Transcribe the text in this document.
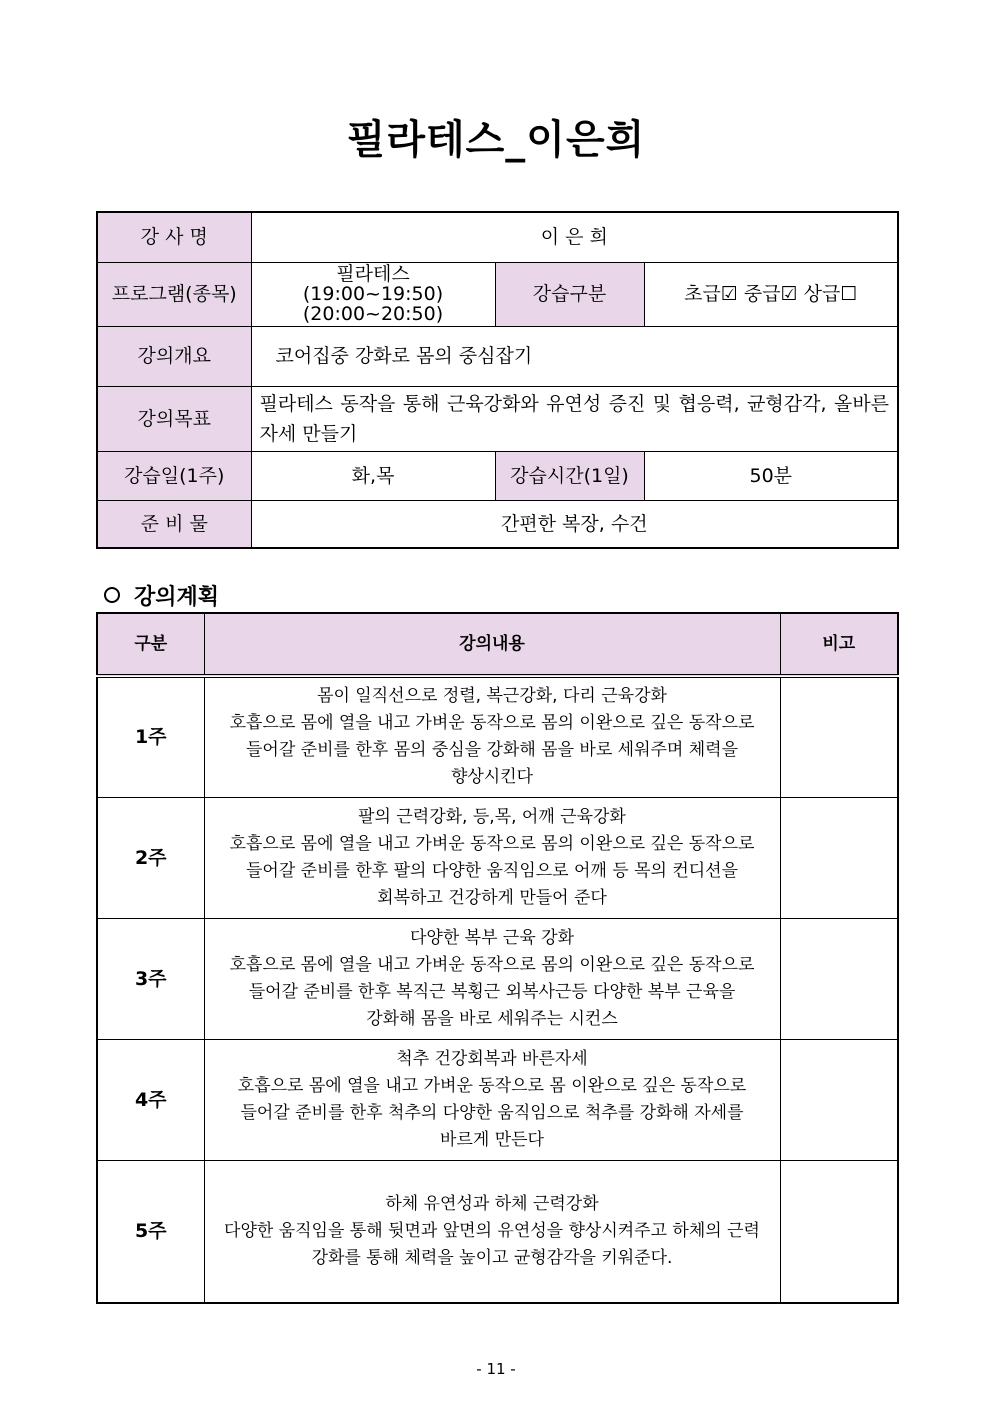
필라테스_이은희
강 사 명	이 은 희		
프로그램(종목)	필라테스
(19:00~19:50)
(20:00~20:50)	강습구분	초급☑ 중급☑ 상급☐
강의개요	코어집중 강화로 몸의 중심잡기		
강의목표	필라테스 동작을 통해 근육강화와 유연성 증진 및 협응력, 균형감각, 올바른 자세 만들기		
강습일(1주)	화,목	강습시간(1일)	50분
준 비 물	간편한 복장, 수건		
강의계획
구분	강의내용	비고
1주	몸이 일직선으로 정렬, 복근강화, 다리 근육강화
호흡으로 몸에 열을 내고 가벼운 동작으로 몸의 이완으로 깊은 동작으로
들어갈 준비를 한후 몸의 중심을 강화해 몸을 바로 세워주며 체력을
향상시킨다	

2주	팔의 근력강화, 등,목, 어깨 근육강화
호흡으로 몸에 열을 내고 가벼운 동작으로 몸의 이완으로 깊은 동작으로
들어갈 준비를 한후 팔의 다양한 움직임으로 어깨 등 목의 컨디션을
회복하고 건강하게 만들어 준다	

3주	다양한 복부 근육 강화
호흡으로 몸에 열을 내고 가벼운 동작으로 몸의 이완으로 깊은 동작으로
들어갈 준비를 한후 복직근 복횡근 외복사근등 다양한 복부 근육을
강화해 몸을 바로 세워주는 시컨스	

4주	척추 건강회복과 바른자세
호흡으로 몸에 열을 내고 가벼운 동작으로 몸 이완으로 깊은 동작으로
들어갈 준비를 한후 척추의 다양한 움직임으로 척추를 강화해 자세를
바르게 만든다	

5주	하체 유연성과 하체 근력강화
다양한 움직임을 통해 뒷면과 앞면의 유연성을 향상시켜주고 하체의 근력
강화를 통해 체력을 높이고 균형감각을 키워준다.	

- 11 -
